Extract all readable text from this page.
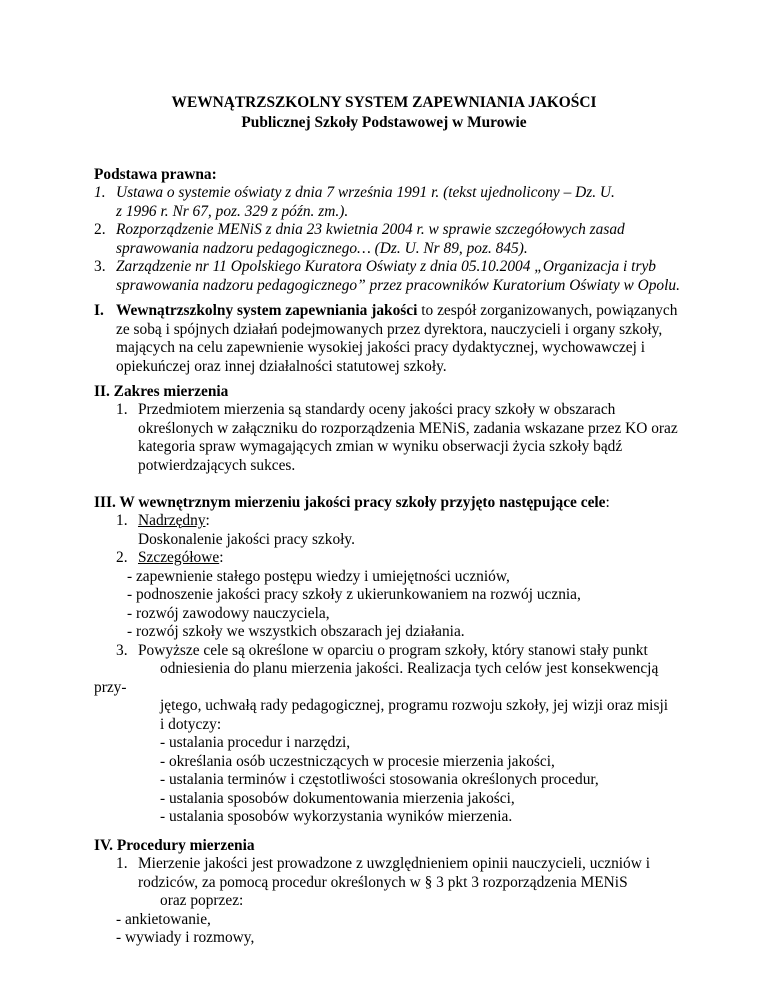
WEWNĄTRZSZKOLNY SYSTEM ZAPEWNIANIA JAKOŚCI
Publicznej Szkoły Podstawowej w Murowie
Podstawa prawna:
1. Ustawa o systemie oświaty z dnia 7 września 1991 r. (tekst ujednolicony – Dz. U.
z 1996 r. Nr 67, poz. 329 z późn. zm.).
2. Rozporządzenie MENiS z dnia 23 kwietnia 2004 r. w sprawie szczegółowych zasad
sprawowania nadzoru pedagogicznego… (Dz. U. Nr 89, poz. 845).
3. Zarządzenie nr 11 Opolskiego Kuratora Oświaty z dnia 05.10.2004 „Organizacja i tryb
sprawowania nadzoru pedagogicznego” przez pracowników Kuratorium Oświaty w Opolu.
I. Wewnątrzszkolny system zapewniania jakości to zespół zorganizowanych, powiązanych
ze sobą i spójnych działań podejmowanych przez dyrektora, nauczycieli i organy szkoły,
mających na celu zapewnienie wysokiej jakości pracy dydaktycznej, wychowawczej i
opiekuńczej oraz innej działalności statutowej szkoły.
II. Zakres mierzenia
1. Przedmiotem mierzenia są standardy oceny jakości pracy szkoły w obszarach
określonych w załączniku do rozporządzenia MENiS, zadania wskazane przez KO oraz
kategoria spraw wymagających zmian w wyniku obserwacji życia szkoły bądź
potwierdzających sukces.
III. W wewnętrznym mierzeniu jakości pracy szkoły przyjęto następujące cele:
1. Nadrzędny:
Doskonalenie jakości pracy szkoły.
2. Szczegółowe:
- zapewnienie stałego postępu wiedzy i umiejętności uczniów,
- podnoszenie jakości pracy szkoły z ukierunkowaniem na rozwój ucznia,
- rozwój zawodowy nauczyciela,
- rozwój szkoły we wszystkich obszarach jej działania.
3. Powyższe cele są określone w oparciu o program szkoły, który stanowi stały punkt
odniesienia do planu mierzenia jakości. Realizacja tych celów jest konsekwencją
przy-
jętego, uchwałą rady pedagogicznej, programu rozwoju szkoły, jej wizji oraz misji
i dotyczy:
- ustalania procedur i narzędzi,
- określania osób uczestniczących w procesie mierzenia jakości,
- ustalania terminów i częstotliwości stosowania określonych procedur,
- ustalania sposobów dokumentowania mierzenia jakości,
- ustalania sposobów wykorzystania wyników mierzenia.
IV. Procedury mierzenia
1. Mierzenie jakości jest prowadzone z uwzględnieniem opinii nauczycieli, uczniów i
rodziców, za pomocą procedur określonych w § 3 pkt 3 rozporządzenia MENiS
oraz poprzez:
- ankietowanie,
- wywiady i rozmowy,
